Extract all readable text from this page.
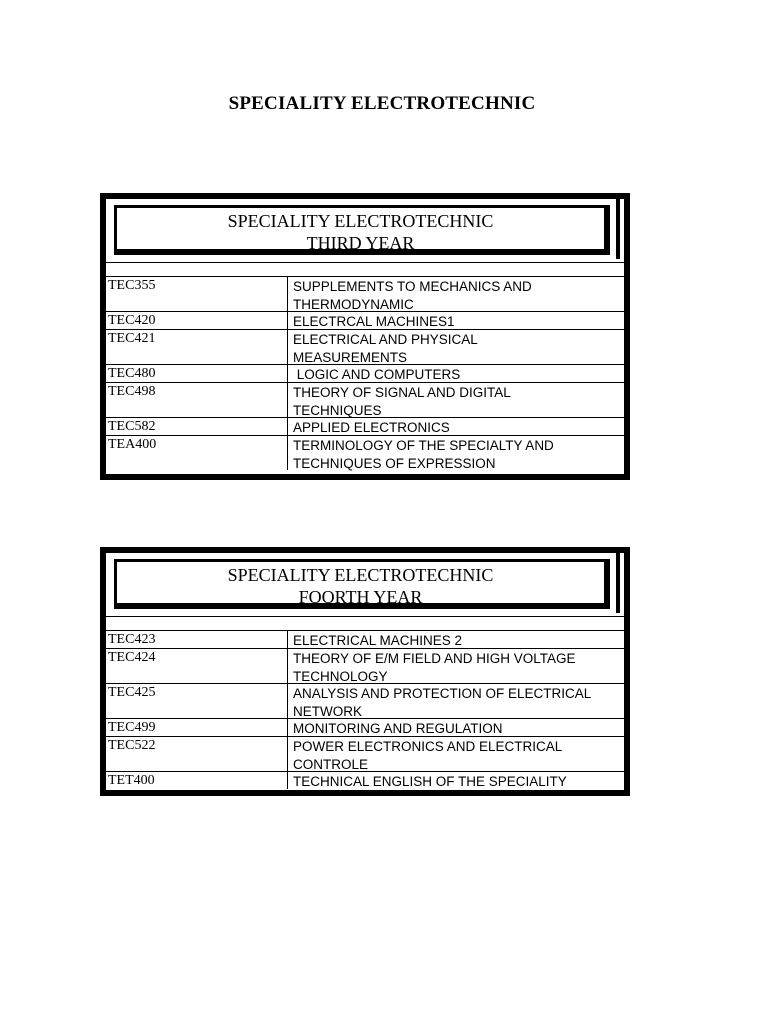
SPECIALITY ELECTROTECHNIC
SPECIALITY ELECTROTECHNIC
THIRD YEAR
TEC355	SUPPLEMENTS TO MECHANICS AND
THERMODYNAMIC
TEC420	ELECTRCAL MACHINES1
TEC421	ELECTRICAL AND PHYSICAL
MEASUREMENTS
TEC480	LOGIC AND COMPUTERS
TEC498	THEORY OF SIGNAL AND DIGITAL
TECHNIQUES
TEC582	APPLIED ELECTRONICS
TEA400	TERMINOLOGY OF THE SPECIALTY AND
TECHNIQUES OF EXPRESSION
SPECIALITY ELECTROTECHNIC
FOORTH YEAR
TEC423	ELECTRICAL MACHINES 2
TEC424	THEORY OF E/M FIELD AND HIGH VOLTAGE
TECHNOLOGY
TEC425	ANALYSIS AND PROTECTION OF ELECTRICAL
NETWORK
TEC499	MONITORING AND REGULATION
TEC522	POWER ELECTRONICS AND ELECTRICAL
CONTROLE
TET400	TECHNICAL ENGLISH OF THE SPECIALITY
